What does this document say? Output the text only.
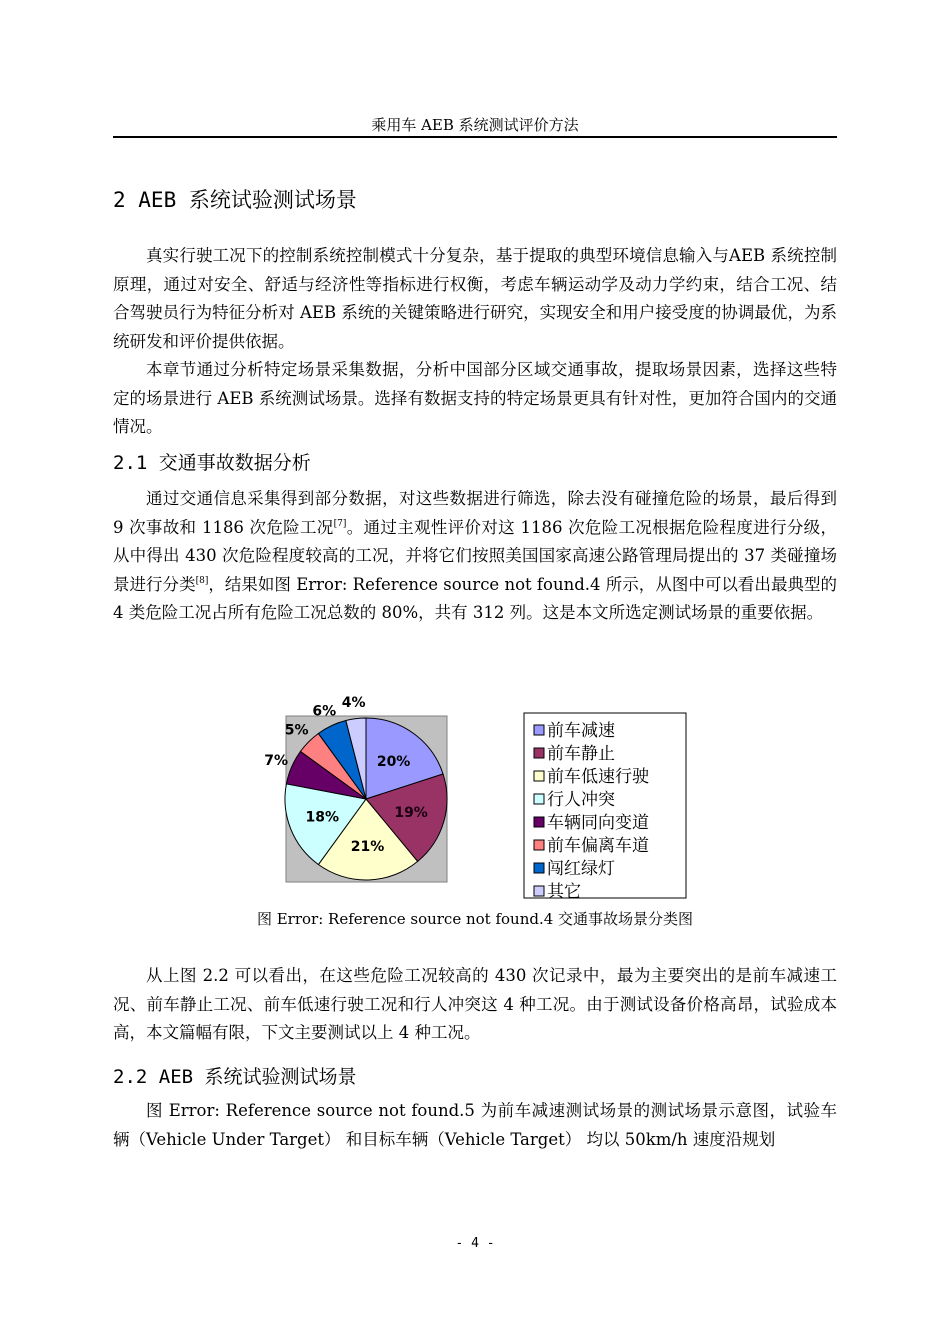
乘用车 AEB 系统测试评价方法
2 AEB 系统试验测试场景
真实行驶工况下的控制系统控制模式十分复杂，基于提取的典型环境信息输入与AEB 系统控制原理，通过对安全、舒适与经济性等指标进行权衡，考虑车辆运动学及动力学约束，结合工况、结合驾驶员行为特征分析对 AEB 系统的关键策略进行研究，实现安全和用户接受度的协调最优，为系统研发和评价提供依据。
本章节通过分析特定场景采集数据，分析中国部分区域交通事故，提取场景因素，选择这些特定的场景进行 AEB 系统测试场景。选择有数据支持的特定场景更具有针对性，更加符合国内的交通情况。
2.1 交通事故数据分析
通过交通信息采集得到部分数据，对这些数据进行筛选，除去没有碰撞危险的场景，最后得到 9 次事故和 1186 次危险工况[7]。通过主观性评价对这 1186 次危险工况根据危险程度进行分级，从中得出 430 次危险程度较高的工况，并将它们按照美国国家高速公路管理局提出的 37 类碰撞场景进行分类[8]，结果如图 Error: Reference source not found.4 所示，从图中可以看出最典型的 4 类危险工况占所有危险工况总数的 80%，共有 312 列。这是本文所选定测试场景的重要依据。
20%
19%
21%
18%
7%
5%
6%
4%
前车减速
前车静止
前车低速行驶
行人冲突
车辆同向变道
前车偏离车道
闯红绿灯
其它
图 Error: Reference source not found.4 交通事故场景分类图
从上图 2.2 可以看出，在这些危险工况较高的 430 次记录中，最为主要突出的是前车减速工况、前车静止工况、前车低速行驶工况和行人冲突这 4 种工况。由于测试设备价格高昂，试验成本高，本文篇幅有限，下文主要测试以上 4 种工况。
2.2 AEB 系统试验测试场景
图 Error: Reference source not found.5 为前车减速测试场景的测试场景示意图，试验车辆（Vehicle Under Target） 和目标车辆（Vehicle Target） 均以 50km/h 速度沿规划
- 4 -
